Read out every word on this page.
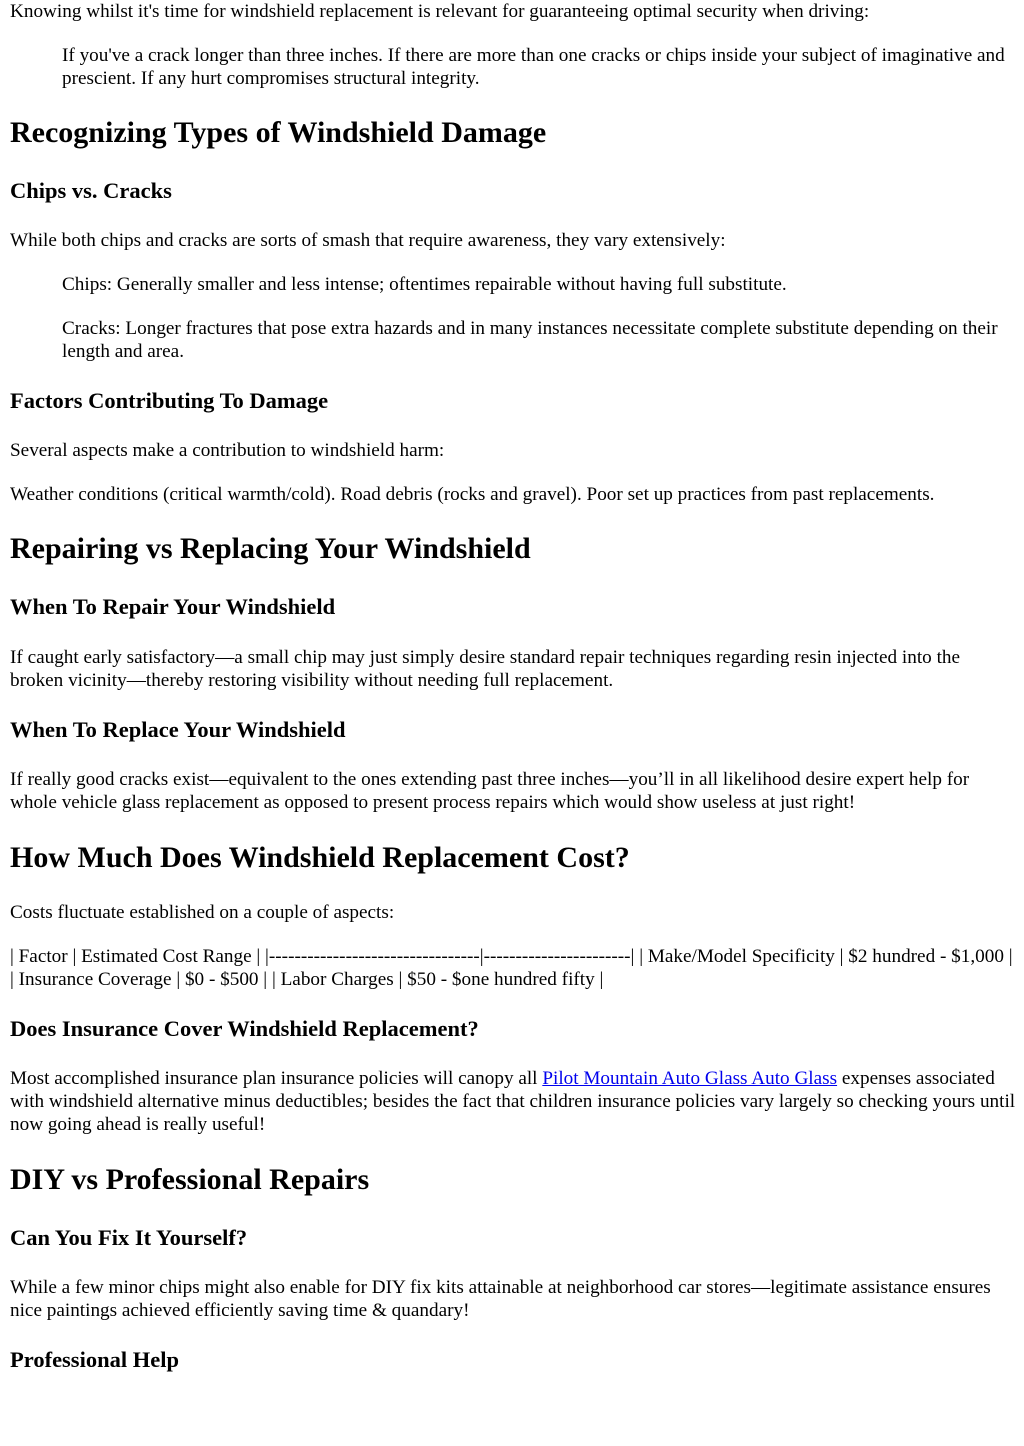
Knowing whilst it's time for windshield replacement is relevant for guaranteeing optimal security when driving:

If you've a crack longer than three inches. If there are more than one cracks or chips inside your subject of imaginative and prescient. If any hurt compromises structural integrity.

Recognizing Types of Windshield Damage
Chips vs. Cracks

While both chips and cracks are sorts of smash that require awareness, they vary extensively:

Chips: Generally smaller and less intense; oftentimes repairable without having full substitute.

Cracks: Longer fractures that pose extra hazards and in many instances necessitate complete substitute depending on their length and area.

Factors Contributing To Damage

Several aspects make a contribution to windshield harm:

Weather conditions (critical warmth/cold). Road debris (rocks and gravel). Poor set up practices from past replacements.

Repairing vs Replacing Your Windshield
When To Repair Your Windshield

If caught early satisfactory—a small chip may just simply desire standard repair techniques regarding resin injected into the broken vicinity—thereby restoring visibility without needing full replacement.

When To Replace Your Windshield

If really good cracks exist—equivalent to the ones extending past three inches—you’ll in all likelihood desire expert help for whole vehicle glass replacement as opposed to present process repairs which would show useless at just right!

How Much Does Windshield Replacement Cost?

Costs fluctuate established on a couple of aspects:

| Factor | Estimated Cost Range | |---------------------------------|-----------------------| | Make/Model Specificity | $2 hundred - $1,000 | | Insurance Coverage | $0 - $500 | | Labor Charges | $50 - $one hundred fifty |

Does Insurance Cover Windshield Replacement?

Most accomplished insurance plan insurance policies will canopy all Pilot Mountain Auto Glass Auto Glass expenses associated with windshield alternative minus deductibles; besides the fact that children insurance policies vary largely so checking yours until now going ahead is really useful!

DIY vs Professional Repairs
Can You Fix It Yourself?

While a few minor chips might also enable for DIY fix kits attainable at neighborhood car stores—legitimate assistance ensures nice paintings achieved efficiently saving time & quandary!

Professional Help
